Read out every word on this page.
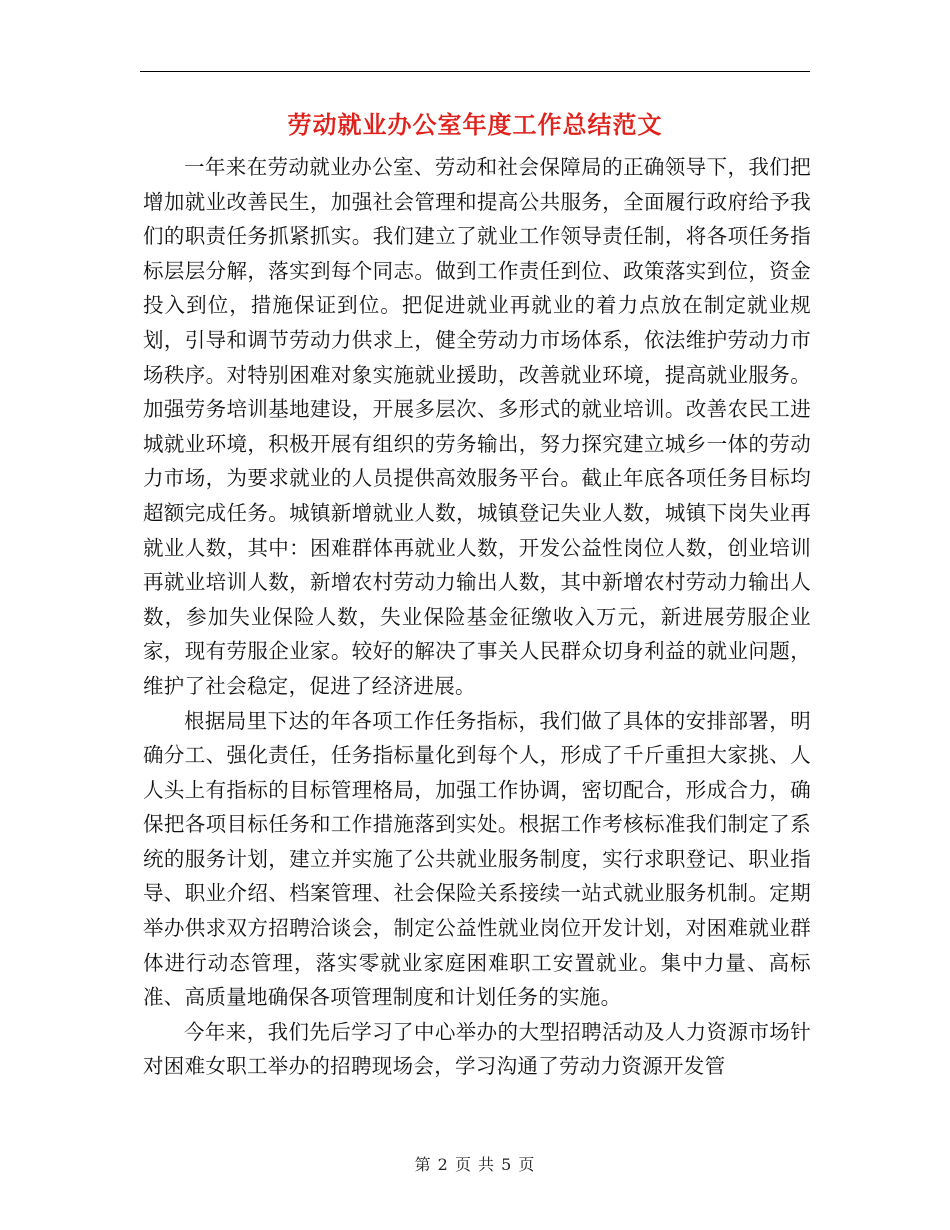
劳动就业办公室年度工作总结范文

一年来在劳动就业办公室、劳动和社会保障局的正确领导下，我们把增加就业改善民生，加强社会管理和提高公共服务，全面履行政府给予我们的职责任务抓紧抓实。我们建立了就业工作领导责任制，将各项任务指标层层分解，落实到每个同志。做到工作责任到位、政策落实到位，资金投入到位，措施保证到位。把促进就业再就业的着力点放在制定就业规划，引导和调节劳动力供求上，健全劳动力市场体系，依法维护劳动力市场秩序。对特别困难对象实施就业援助，改善就业环境，提高就业服务。加强劳务培训基地建设，开展多层次、多形式的就业培训。改善农民工进城就业环境，积极开展有组织的劳务输出，努力探究建立城乡一体的劳动力市场，为要求就业的人员提供高效服务平台。截止年底各项任务目标均超额完成任务。城镇新增就业人数，城镇登记失业人数，城镇下岗失业再就业人数，其中：困难群体再就业人数，开发公益性岗位人数，创业培训再就业培训人数，新增农村劳动力输出人数，其中新增农村劳动力输出人数，参加失业保险人数，失业保险基金征缴收入万元，新进展劳服企业家，现有劳服企业家。较好的解决了事关人民群众切身利益的就业问题，维护了社会稳定，促进了经济进展。

根据局里下达的年各项工作任务指标，我们做了具体的安排部署，明确分工、强化责任，任务指标量化到每个人，形成了千斤重担大家挑、人人头上有指标的目标管理格局，加强工作协调，密切配合，形成合力，确保把各项目标任务和工作措施落到实处。根据工作考核标准我们制定了系统的服务计划，建立并实施了公共就业服务制度，实行求职登记、职业指导、职业介绍、档案管理、社会保险关系接续一站式就业服务机制。定期举办供求双方招聘洽谈会，制定公益性就业岗位开发计划，对困难就业群体进行动态管理，落实零就业家庭困难职工安置就业。集中力量、高标准、高质量地确保各项管理制度和计划任务的实施。

今年来，我们先后学习了中心举办的大型招聘活动及人力资源市场针对困难女职工举办的招聘现场会，学习沟通了劳动力资源开发管

第 2 页 共 5 页
